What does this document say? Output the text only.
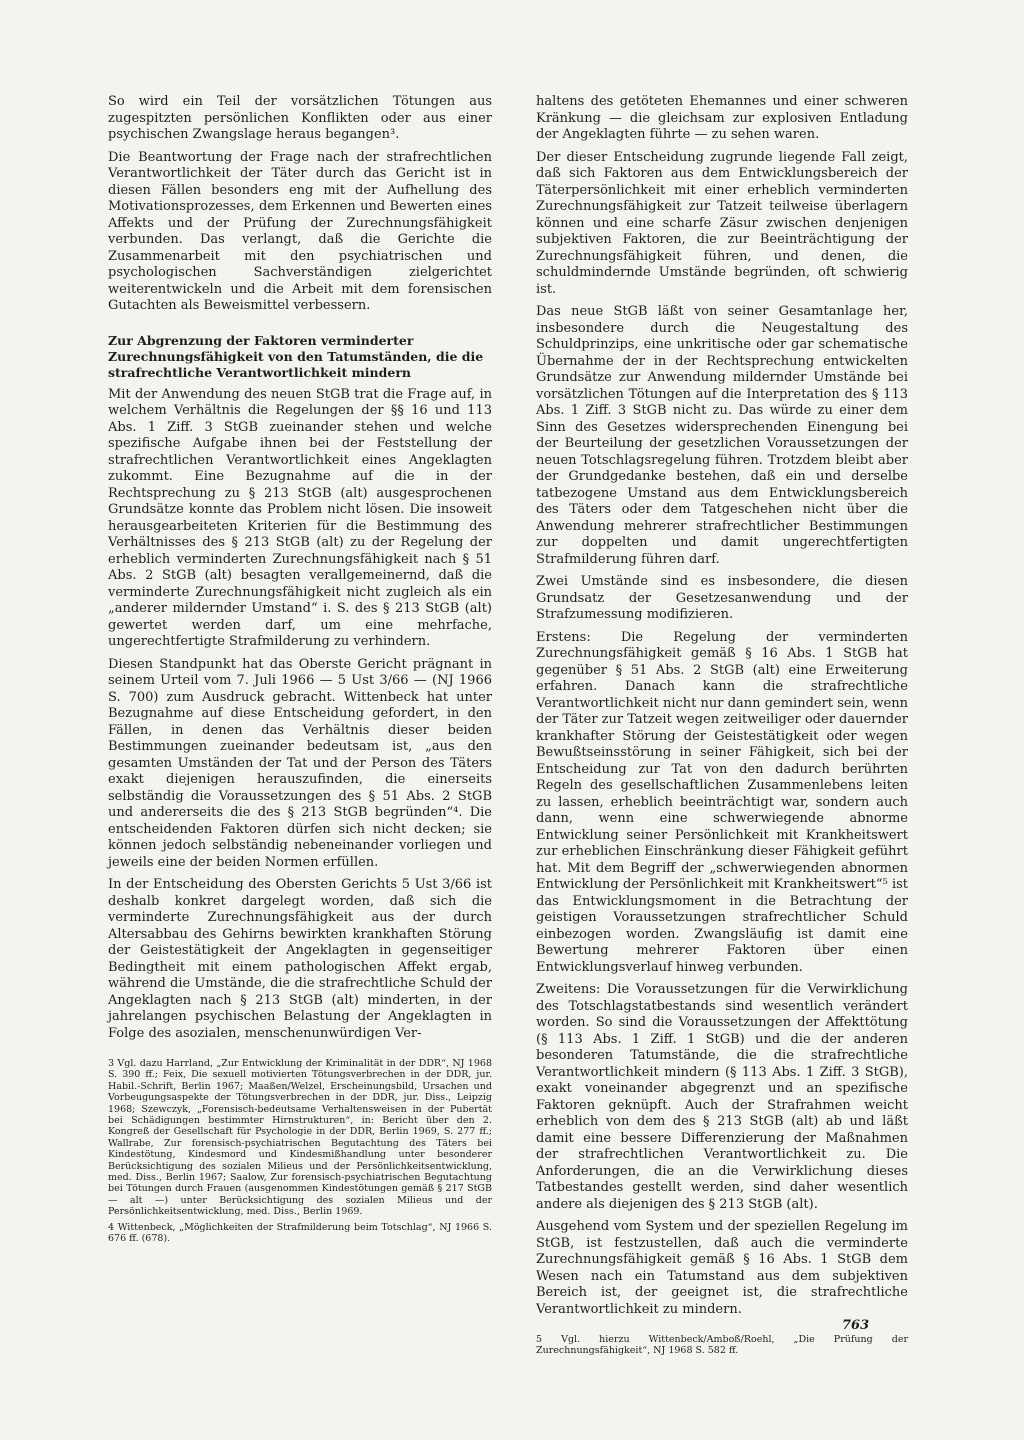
So wird ein Teil der vorsätzlichen Tötungen aus zugespitzten persönlichen Konflikten oder aus einer psychischen Zwangslage heraus begangen³.

Die Beantwortung der Frage nach der strafrechtlichen Verantwortlichkeit der Täter durch das Gericht ist in diesen Fällen besonders eng mit der Aufhellung des Motivationsprozesses, dem Erkennen und Bewerten eines Affekts und der Prüfung der Zurechnungsfähigkeit verbunden. Das verlangt, daß die Gerichte die Zusammenarbeit mit den psychiatrischen und psychologischen Sachverständigen zielgerichtet weiterentwickeln und die Arbeit mit dem forensischen Gutachten als Beweismittel verbessern.

Zur Abgrenzung der Faktoren verminderter Zurechnungsfähigkeit von den Tatumständen, die die strafrechtliche Verantwortlichkeit mindern

Mit der Anwendung des neuen StGB trat die Frage auf, in welchem Verhältnis die Regelungen der §§ 16 und 113 Abs. 1 Ziff. 3 StGB zueinander stehen und welche spezifische Aufgabe ihnen bei der Feststellung der strafrechtlichen Verantwortlichkeit eines Angeklagten zukommt. Eine Bezugnahme auf die in der Rechtsprechung zu § 213 StGB (alt) ausgesprochenen Grundsätze konnte das Problem nicht lösen. Die insoweit herausgearbeiteten Kriterien für die Bestimmung des Verhältnisses des § 213 StGB (alt) zu der Regelung der erheblich verminderten Zurechnungsfähigkeit nach § 51 Abs. 2 StGB (alt) besagten verallgemeinernd, daß die verminderte Zurechnungsfähigkeit nicht zugleich als ein „anderer mildernder Umstand“ i. S. des § 213 StGB (alt) gewertet werden darf, um eine mehrfache, ungerechtfertigte Strafmilderung zu verhindern.

Diesen Standpunkt hat das Oberste Gericht prägnant in seinem Urteil vom 7. Juli 1966 — 5 Ust 3/66 — (NJ 1966 S. 700) zum Ausdruck gebracht. Wittenbeck hat unter Bezugnahme auf diese Entscheidung gefordert, in den Fällen, in denen das Verhältnis dieser beiden Bestimmungen zueinander bedeutsam ist, „aus den gesamten Umständen der Tat und der Person des Täters exakt diejenigen herauszufinden, die einerseits selbständig die Voraussetzungen des § 51 Abs. 2 StGB und andererseits die des § 213 StGB begründen“⁴. Die entscheidenden Faktoren dürfen sich nicht decken; sie können jedoch selbständig nebeneinander vorliegen und jeweils eine der beiden Normen erfüllen.

In der Entscheidung des Obersten Gerichts 5 Ust 3/66 ist deshalb konkret dargelegt worden, daß sich die verminderte Zurechnungsfähigkeit aus der durch Altersabbau des Gehirns bewirkten krankhaften Störung der Geistestätigkeit der Angeklagten in gegenseitiger Bedingtheit mit einem pathologischen Affekt ergab, während die Umstände, die die strafrechtliche Schuld der Angeklagten nach § 213 StGB (alt) minderten, in der jahrelangen psychischen Belastung der Angeklagten in Folge des asozialen, menschenunwürdigen Ver-

3 Vgl. dazu Harrland, „Zur Entwicklung der Kriminalität in der DDR“, NJ 1968 S. 390 ff.; Feix, Die sexuell motivierten Tötungsverbrechen in der DDR, jur. Habil.-Schrift, Berlin 1967; Maaßen/Welzel, Erscheinungsbild, Ursachen und Vorbeugungsaspekte der Tötungsverbrechen in der DDR, jur. Diss., Leipzig 1968; Szewczyk, „Forensisch-bedeutsame Verhaltensweisen in der Pubertät bei Schädigungen bestimmter Hirnstrukturen“, in: Bericht über den 2. Kongreß der Gesellschaft für Psychologie in der DDR, Berlin 1969, S. 277 ff.; Wallrabe, Zur forensisch-psychiatrischen Begutachtung des Täters bei Kindestötung, Kindesmord und Kindesmißhandlung unter besonderer Berücksichtigung des sozialen Milieus und der Persönlichkeitsentwicklung, med. Diss., Berlin 1967; Saalow, Zur forensisch-psychiatrischen Begutachtung bei Tötungen durch Frauen (ausgenommen Kindestötungen gemäß § 217 StGB — alt —) unter Berücksichtigung des sozialen Milieus und der Persönlichkeitsentwicklung, med. Diss., Berlin 1969.

4 Wittenbeck, „Möglichkeiten der Strafmilderung beim Totschlag“, NJ 1966 S. 676 ff. (678).

haltens des getöteten Ehemannes und einer schweren Kränkung — die gleichsam zur explosiven Entladung der Angeklagten führte — zu sehen waren.

Der dieser Entscheidung zugrunde liegende Fall zeigt, daß sich Faktoren aus dem Entwicklungsbereich der Täterpersönlichkeit mit einer erheblich verminderten Zurechnungsfähigkeit zur Tatzeit teilweise überlagern können und eine scharfe Zäsur zwischen denjenigen subjektiven Faktoren, die zur Beeinträchtigung der Zurechnungsfähigkeit führen, und denen, die schuldmindernde Umstände begründen, oft schwierig ist.

Das neue StGB läßt von seiner Gesamtanlage her, insbesondere durch die Neugestaltung des Schuldprinzips, eine unkritische oder gar schematische Übernahme der in der Rechtsprechung entwickelten Grundsätze zur Anwendung mildernder Umstände bei vorsätzlichen Tötungen auf die Interpretation des § 113 Abs. 1 Ziff. 3 StGB nicht zu. Das würde zu einer dem Sinn des Gesetzes widersprechenden Einengung bei der Beurteilung der gesetzlichen Voraussetzungen der neuen Totschlagsregelung führen. Trotzdem bleibt aber der Grundgedanke bestehen, daß ein und derselbe tatbezogene Umstand aus dem Entwicklungsbereich des Täters oder dem Tatgeschehen nicht über die Anwendung mehrerer strafrechtlicher Bestimmungen zur doppelten und damit ungerechtfertigten Strafmilderung führen darf.

Zwei Umstände sind es insbesondere, die diesen Grundsatz der Gesetzesanwendung und der Strafzumessung modifizieren.

Erstens: Die Regelung der verminderten Zurechnungsfähigkeit gemäß § 16 Abs. 1 StGB hat gegenüber § 51 Abs. 2 StGB (alt) eine Erweiterung erfahren. Danach kann die strafrechtliche Verantwortlichkeit nicht nur dann gemindert sein, wenn der Täter zur Tatzeit wegen zeitweiliger oder dauernder krankhafter Störung der Geistestätigkeit oder wegen Bewußtseinsstörung in seiner Fähigkeit, sich bei der Entscheidung zur Tat von den dadurch berührten Regeln des gesellschaftlichen Zusammenlebens leiten zu lassen, erheblich beeinträchtigt war, sondern auch dann, wenn eine schwerwiegende abnorme Entwicklung seiner Persönlichkeit mit Krankheitswert zur erheblichen Einschränkung dieser Fähigkeit geführt hat. Mit dem Begriff der „schwerwiegenden abnormen Entwicklung der Persönlichkeit mit Krankheitswert“⁵ ist das Entwicklungsmoment in die Betrachtung der geistigen Voraussetzungen strafrechtlicher Schuld einbezogen worden. Zwangsläufig ist damit eine Bewertung mehrerer Faktoren über einen Entwicklungsverlauf hinweg verbunden.

Zweitens: Die Voraussetzungen für die Verwirklichung des Totschlagstatbestands sind wesentlich verändert worden. So sind die Voraussetzungen der Affekttötung (§ 113 Abs. 1 Ziff. 1 StGB) und die der anderen besonderen Tatumstände, die die strafrechtliche Verantwortlichkeit mindern (§ 113 Abs. 1 Ziff. 3 StGB), exakt voneinander abgegrenzt und an spezifische Faktoren geknüpft. Auch der Strafrahmen weicht erheblich von dem des § 213 StGB (alt) ab und läßt damit eine bessere Differenzierung der Maßnahmen der strafrechtlichen Verantwortlichkeit zu. Die Anforderungen, die an die Verwirklichung dieses Tatbestandes gestellt werden, sind daher wesentlich andere als diejenigen des § 213 StGB (alt).

Ausgehend vom System und der speziellen Regelung im StGB, ist festzustellen, daß auch die verminderte Zurechnungsfähigkeit gemäß § 16 Abs. 1 StGB dem Wesen nach ein Tatumstand aus dem subjektiven Bereich ist, der geeignet ist, die strafrechtliche Verantwortlichkeit zu mindern.

5 Vgl. hierzu Wittenbeck/Amboß/Roehl, „Die Prüfung der Zurechnungsfähigkeit“, NJ 1968 S. 582 ff.

763
